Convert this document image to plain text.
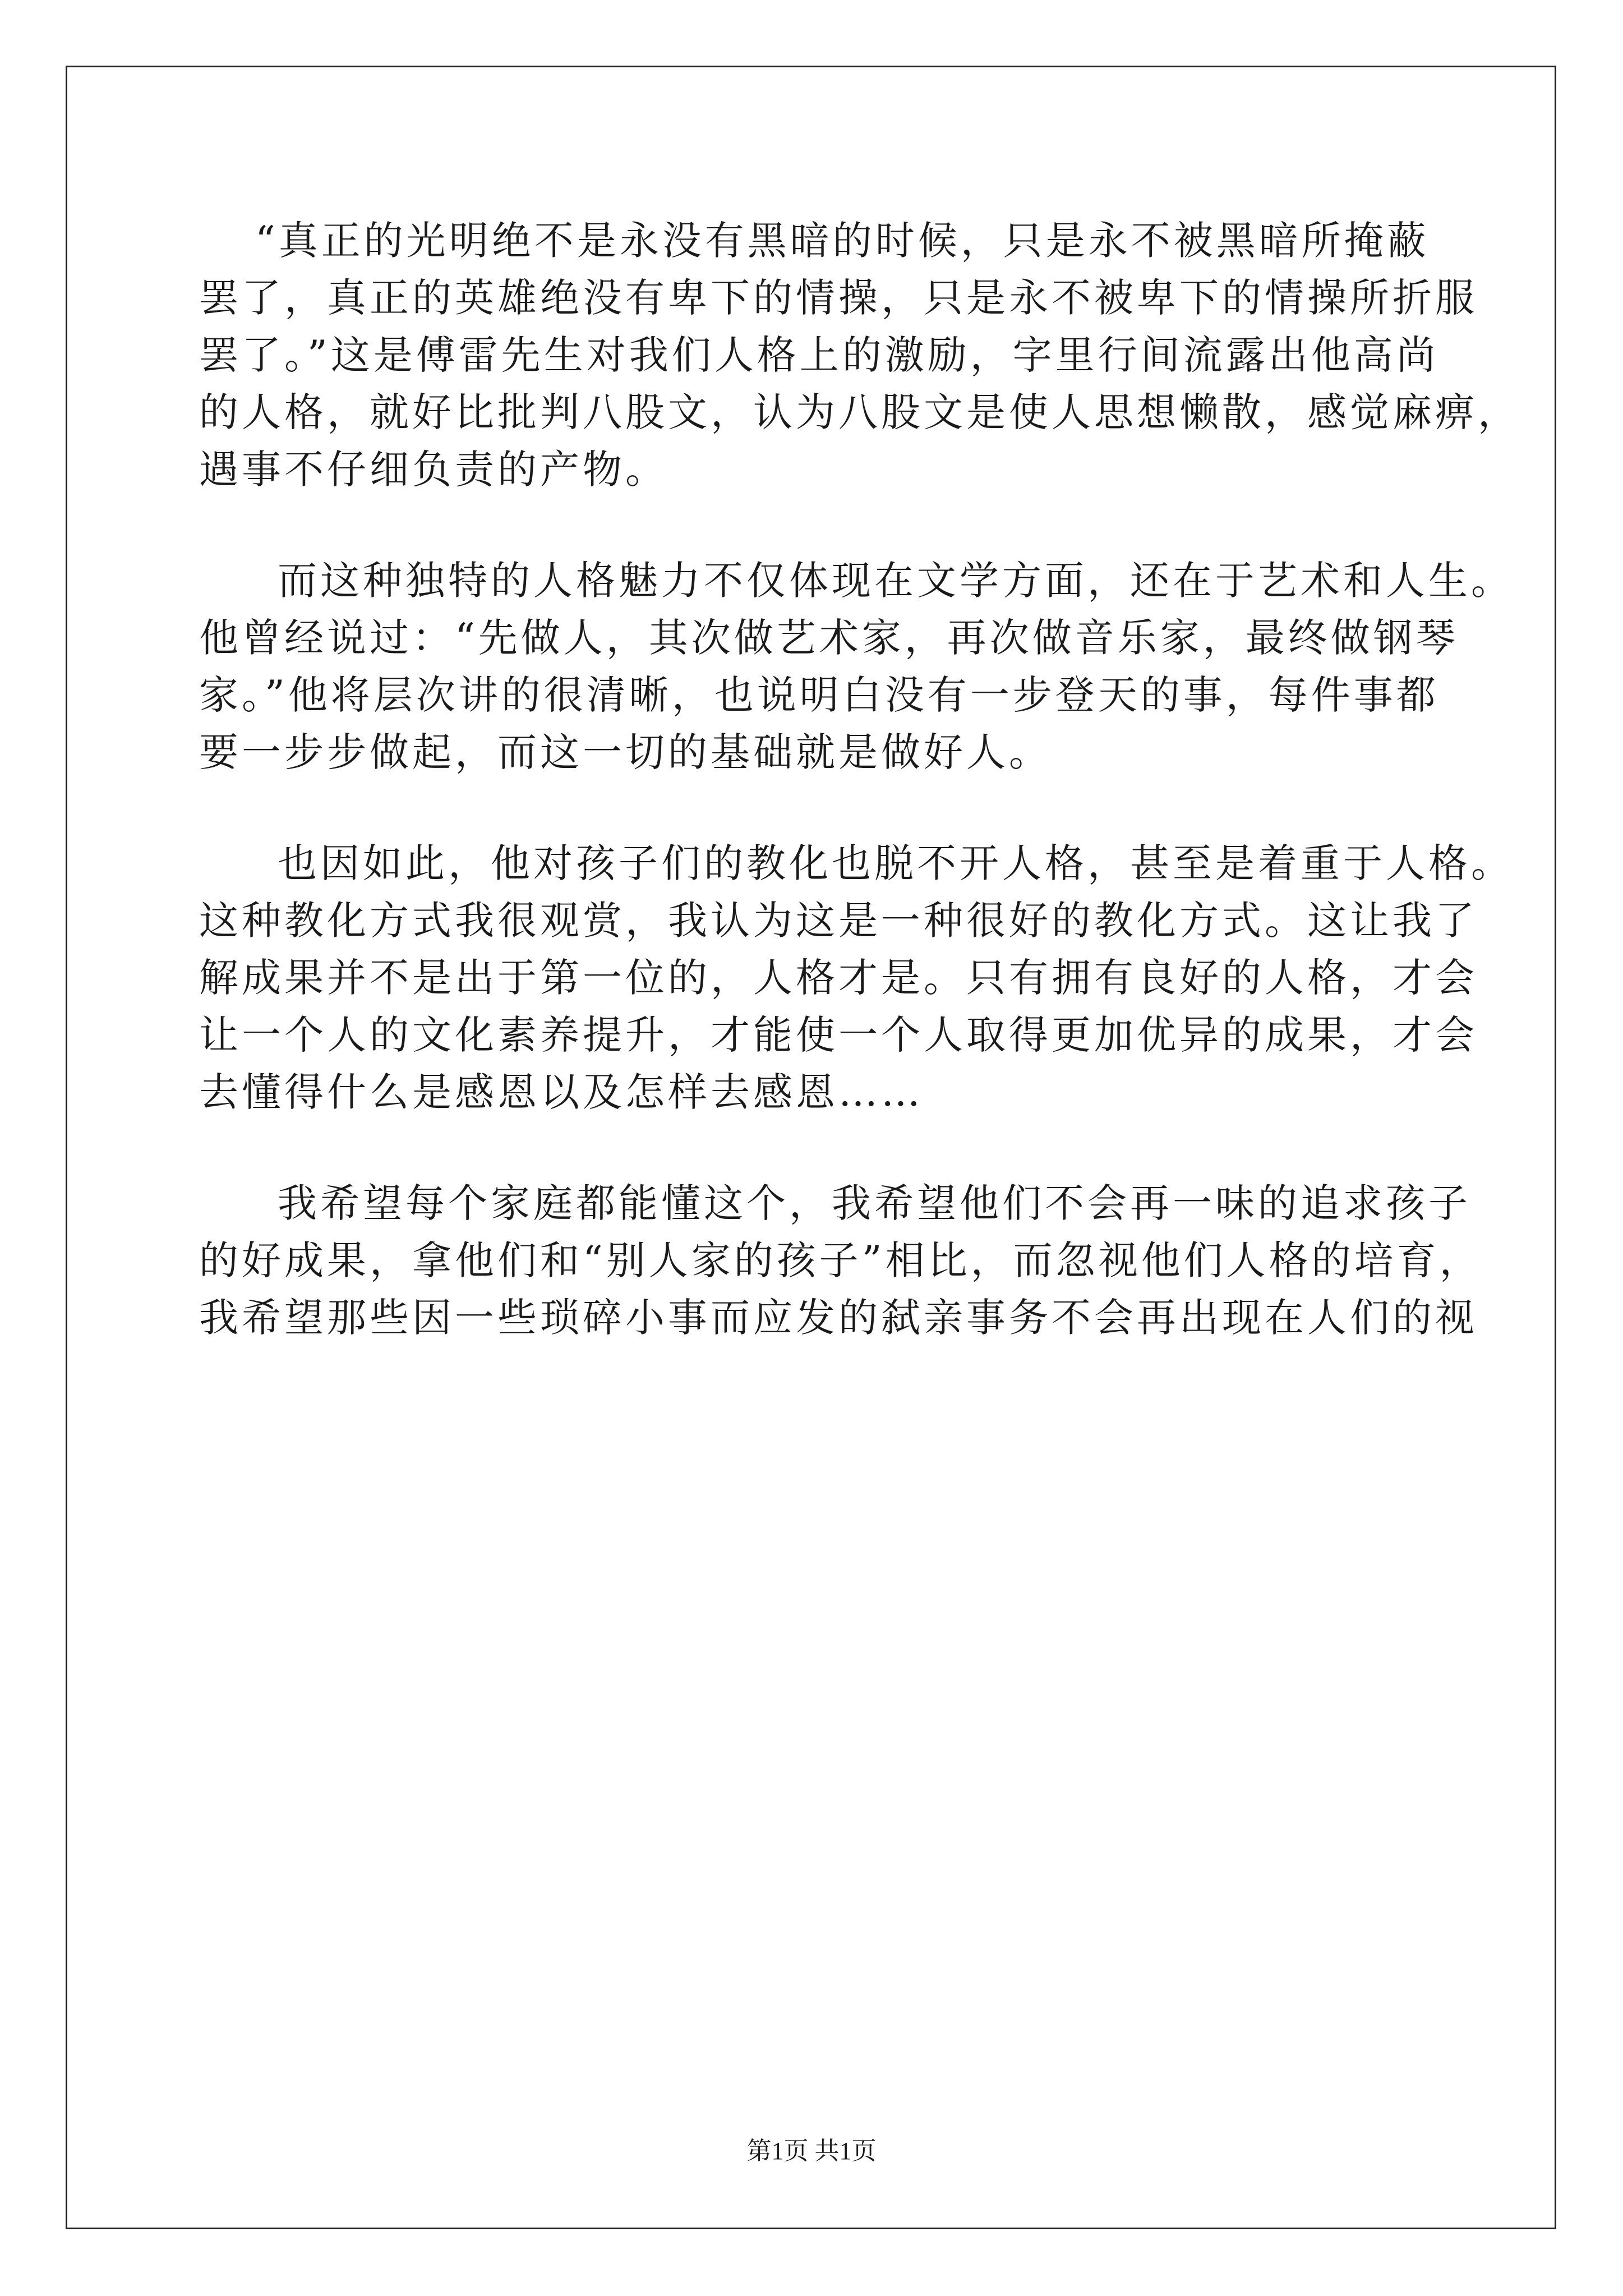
“真正的光明绝不是永没有黑暗的时候，只是永不被黑暗所掩蔽
罢了，真正的英雄绝没有卑下的情操，只是永不被卑下的情操所折服
罢了。”这是傅雷先生对我们人格上的激励，字里行间流露出他高尚
的人格，就好比批判八股文，认为八股文是使人思想懒散，感觉麻痹，
遇事不仔细负责的产物。
而这种独特的人格魅力不仅体现在文学方面，还在于艺术和人生。
他曾经说过：“先做人，其次做艺术家，再次做音乐家，最终做钢琴
家。”他将层次讲的很清晰，也说明白没有一步登天的事，每件事都
要一步步做起，而这一切的基础就是做好人。
也因如此，他对孩子们的教化也脱不开人格，甚至是着重于人格。
这种教化方式我很观赏，我认为这是一种很好的教化方式。这让我了
解成果并不是出于第一位的，人格才是。只有拥有良好的人格，才会
让一个人的文化素养提升，才能使一个人取得更加优异的成果，才会
去懂得什么是感恩以及怎样去感恩……
我希望每个家庭都能懂这个，我希望他们不会再一味的追求孩子
的好成果，拿他们和“别人家的孩子”相比，而忽视他们人格的培育，
我希望那些因一些琐碎小事而应发的弑亲事务不会再出现在人们的视
第1页 共1页
